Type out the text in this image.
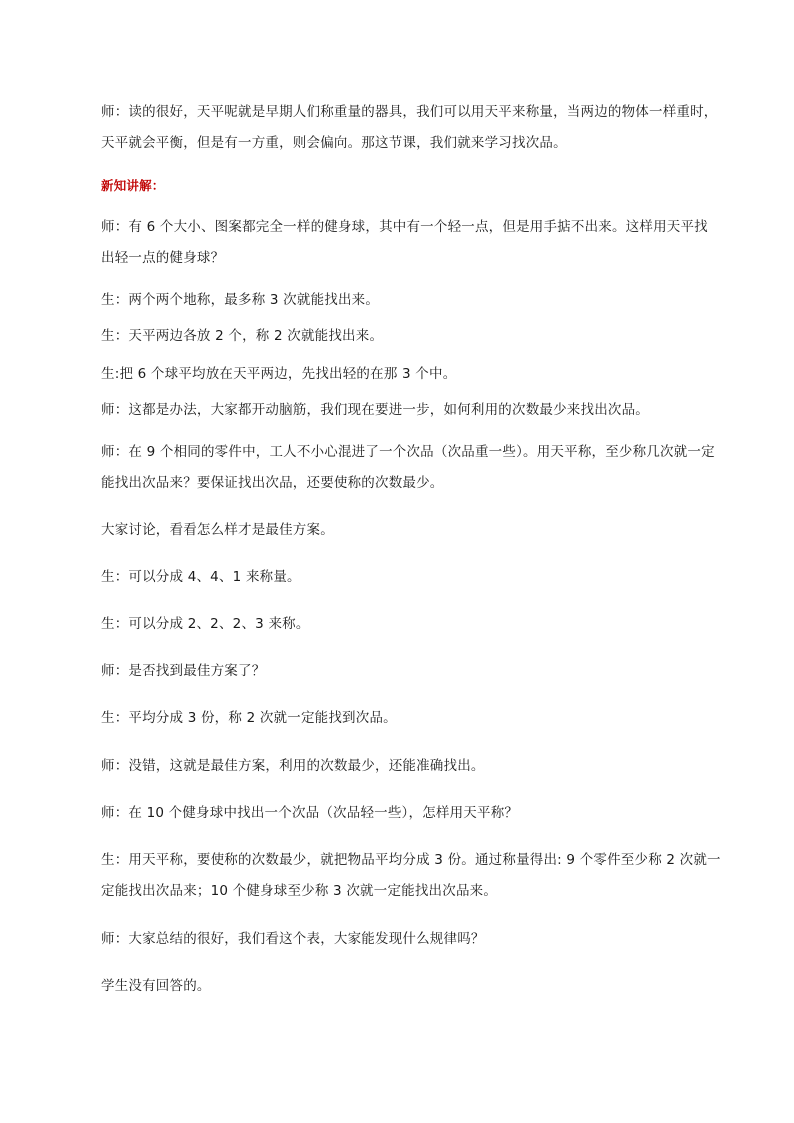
师：读的很好，天平呢就是早期人们称重量的器具，我们可以用天平来称量，当两边的物体一样重时，天平就会平衡，但是有一方重，则会偏向。那这节课，我们就来学习找次品。

新知讲解：

师：有 6 个大小、图案都完全一样的健身球，其中有一个轻一点，但是用手掂不出来。这样用天平找出轻一点的健身球？

生：两个两个地称，最多称 3 次就能找出来。

生：天平两边各放 2 个，称 2 次就能找出来。

生:把 6 个球平均放在天平两边，先找出轻的在那 3 个中。

师：这都是办法，大家都开动脑筋，我们现在要进一步，如何利用的次数最少来找出次品。

师：在 9 个相同的零件中，工人不小心混进了一个次品（次品重一些）。用天平称，至少称几次就一定能找出次品来？要保证找出次品，还要使称的次数最少。

大家讨论，看看怎么样才是最佳方案。

生：可以分成 4、4、1 来称量。

生：可以分成 2、2、2、3 来称。

师：是否找到最佳方案了？

生：平均分成 3 份，称 2 次就一定能找到次品。

师：没错，这就是最佳方案，利用的次数最少，还能准确找出。

师：在 10 个健身球中找出一个次品（次品轻一些），怎样用天平称？

生：用天平称，要使称的次数最少，就把物品平均分成 3 份。通过称量得出: 9 个零件至少称 2 次就一定能找出次品来；10 个健身球至少称 3 次就一定能找出次品来。

师：大家总结的很好，我们看这个表，大家能发现什么规律吗？

学生没有回答的。
